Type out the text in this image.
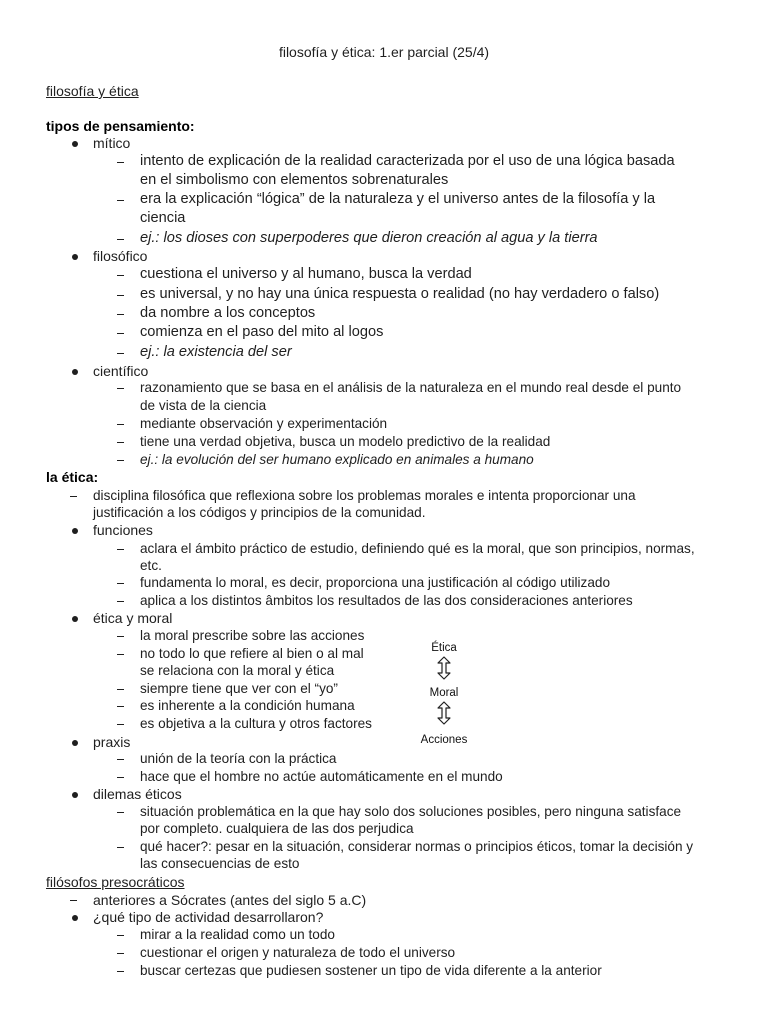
filosofía y ética: 1.er parcial (25/4)
filosofía y ética
tipos de pensamiento:
mítico
intento de explicación de la realidad caracterizada por el uso de una lógica basada
en el simbolismo con elementos sobrenaturales
era la explicación “lógica” de la naturaleza y el universo antes de la filosofía y la
ciencia
ej.: los dioses con superpoderes que dieron creación al agua y la tierra
filosófico
cuestiona el universo y al humano, busca la verdad
es universal, y no hay una única respuesta o realidad (no hay verdadero o falso)
da nombre a los conceptos
comienza en el paso del mito al logos
ej.: la existencia del ser
científico
razonamiento que se basa en el análisis de la naturaleza en el mundo real desde el punto
de vista de la ciencia
mediante observación y experimentación
tiene una verdad objetiva, busca un modelo predictivo de la realidad
ej.: la evolución del ser humano explicado en animales a humano
la ética:
disciplina filosófica que reflexiona sobre los problemas morales e intenta proporcionar una
justificación a los códigos y principios de la comunidad.
funciones
aclara el ámbito práctico de estudio, definiendo qué es la moral, que son principios, normas,
etc.
fundamenta lo moral, es decir, proporciona una justificación al código utilizado
aplica a los distintos âmbitos los resultados de las dos consideraciones anteriores
ética y moral
la moral prescribe sobre las acciones
no todo lo que refiere al bien o al mal
se relaciona con la moral y ética
siempre tiene que ver con el “yo”
es inherente a la condición humana
es objetiva a la cultura y otros factores
Ética
Moral
Acciones
praxis
unión de la teoría con la práctica
hace que el hombre no actúe automáticamente en el mundo
dilemas éticos
situación problemática en la que hay solo dos soluciones posibles, pero ninguna satisface
por completo. cualquiera de las dos perjudica
qué hacer?: pesar en la situación, considerar normas o principios éticos, tomar la decisión y
las consecuencias de esto
filósofos presocráticos
anteriores a Sócrates (antes del siglo 5 a.C)
¿qué tipo de actividad desarrollaron?
mirar a la realidad como un todo
cuestionar el origen y naturaleza de todo el universo
buscar certezas que pudiesen sostener un tipo de vida diferente a la anterior
